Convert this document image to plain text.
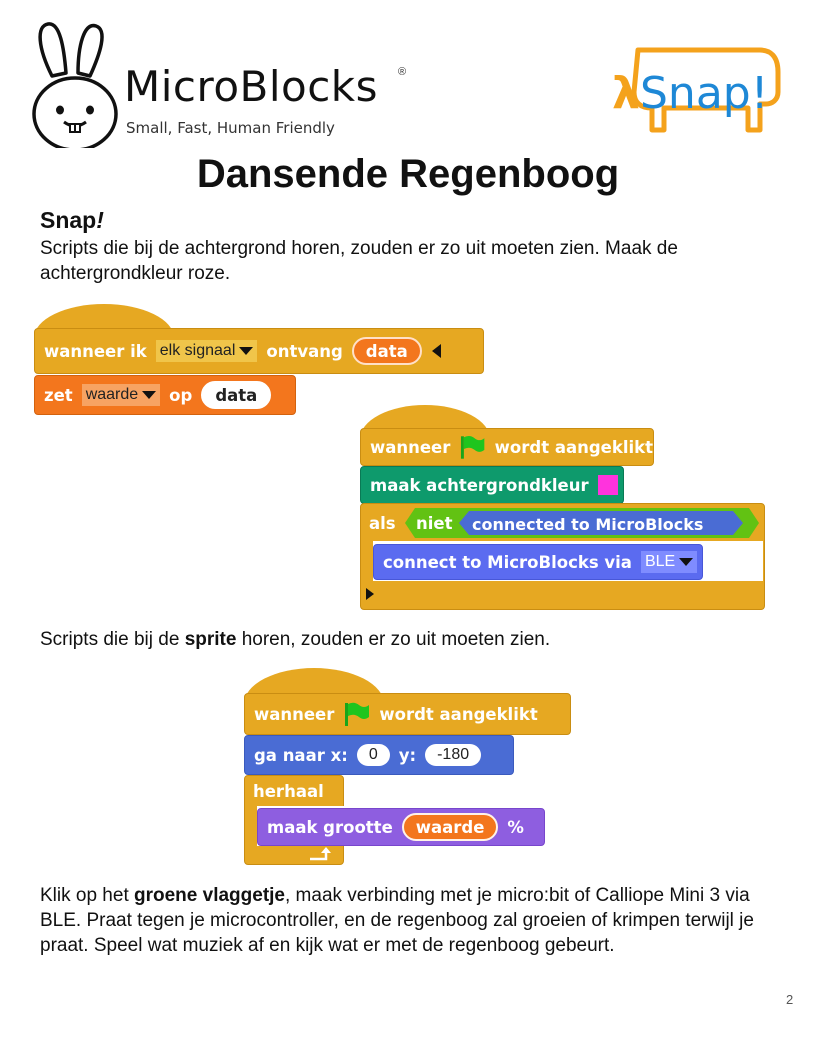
MicroBlocks ®
Small, Fast, Human Friendly
λ Snap!
Dansende Regenboog
Snap!
Scripts die bij de achtergrond horen, zouden er zo uit moeten zien. Maak de achtergrondkleur roze.
wanneer ik elk signaal ontvang	data
zet waarde op	data
wanneer	wordt aangeklikt
maak achtergrondkleur
als niet connected to MicroBlocks
connect to MicroBlocks via BLE
Scripts die bij de sprite horen, zouden er zo uit moeten zien.
wanneer	wordt aangeklikt
ga naar x:	0	y:	-180
herhaal
maak grootte	waarde	%
Klik op het groene vlaggetje, maak verbinding met je micro:bit of Calliope Mini 3 via BLE. Praat tegen je microcontroller, en de regenboog zal groeien of krimpen terwijl je praat. Speel wat muziek af en kijk wat er met de regenboog gebeurt.
2
